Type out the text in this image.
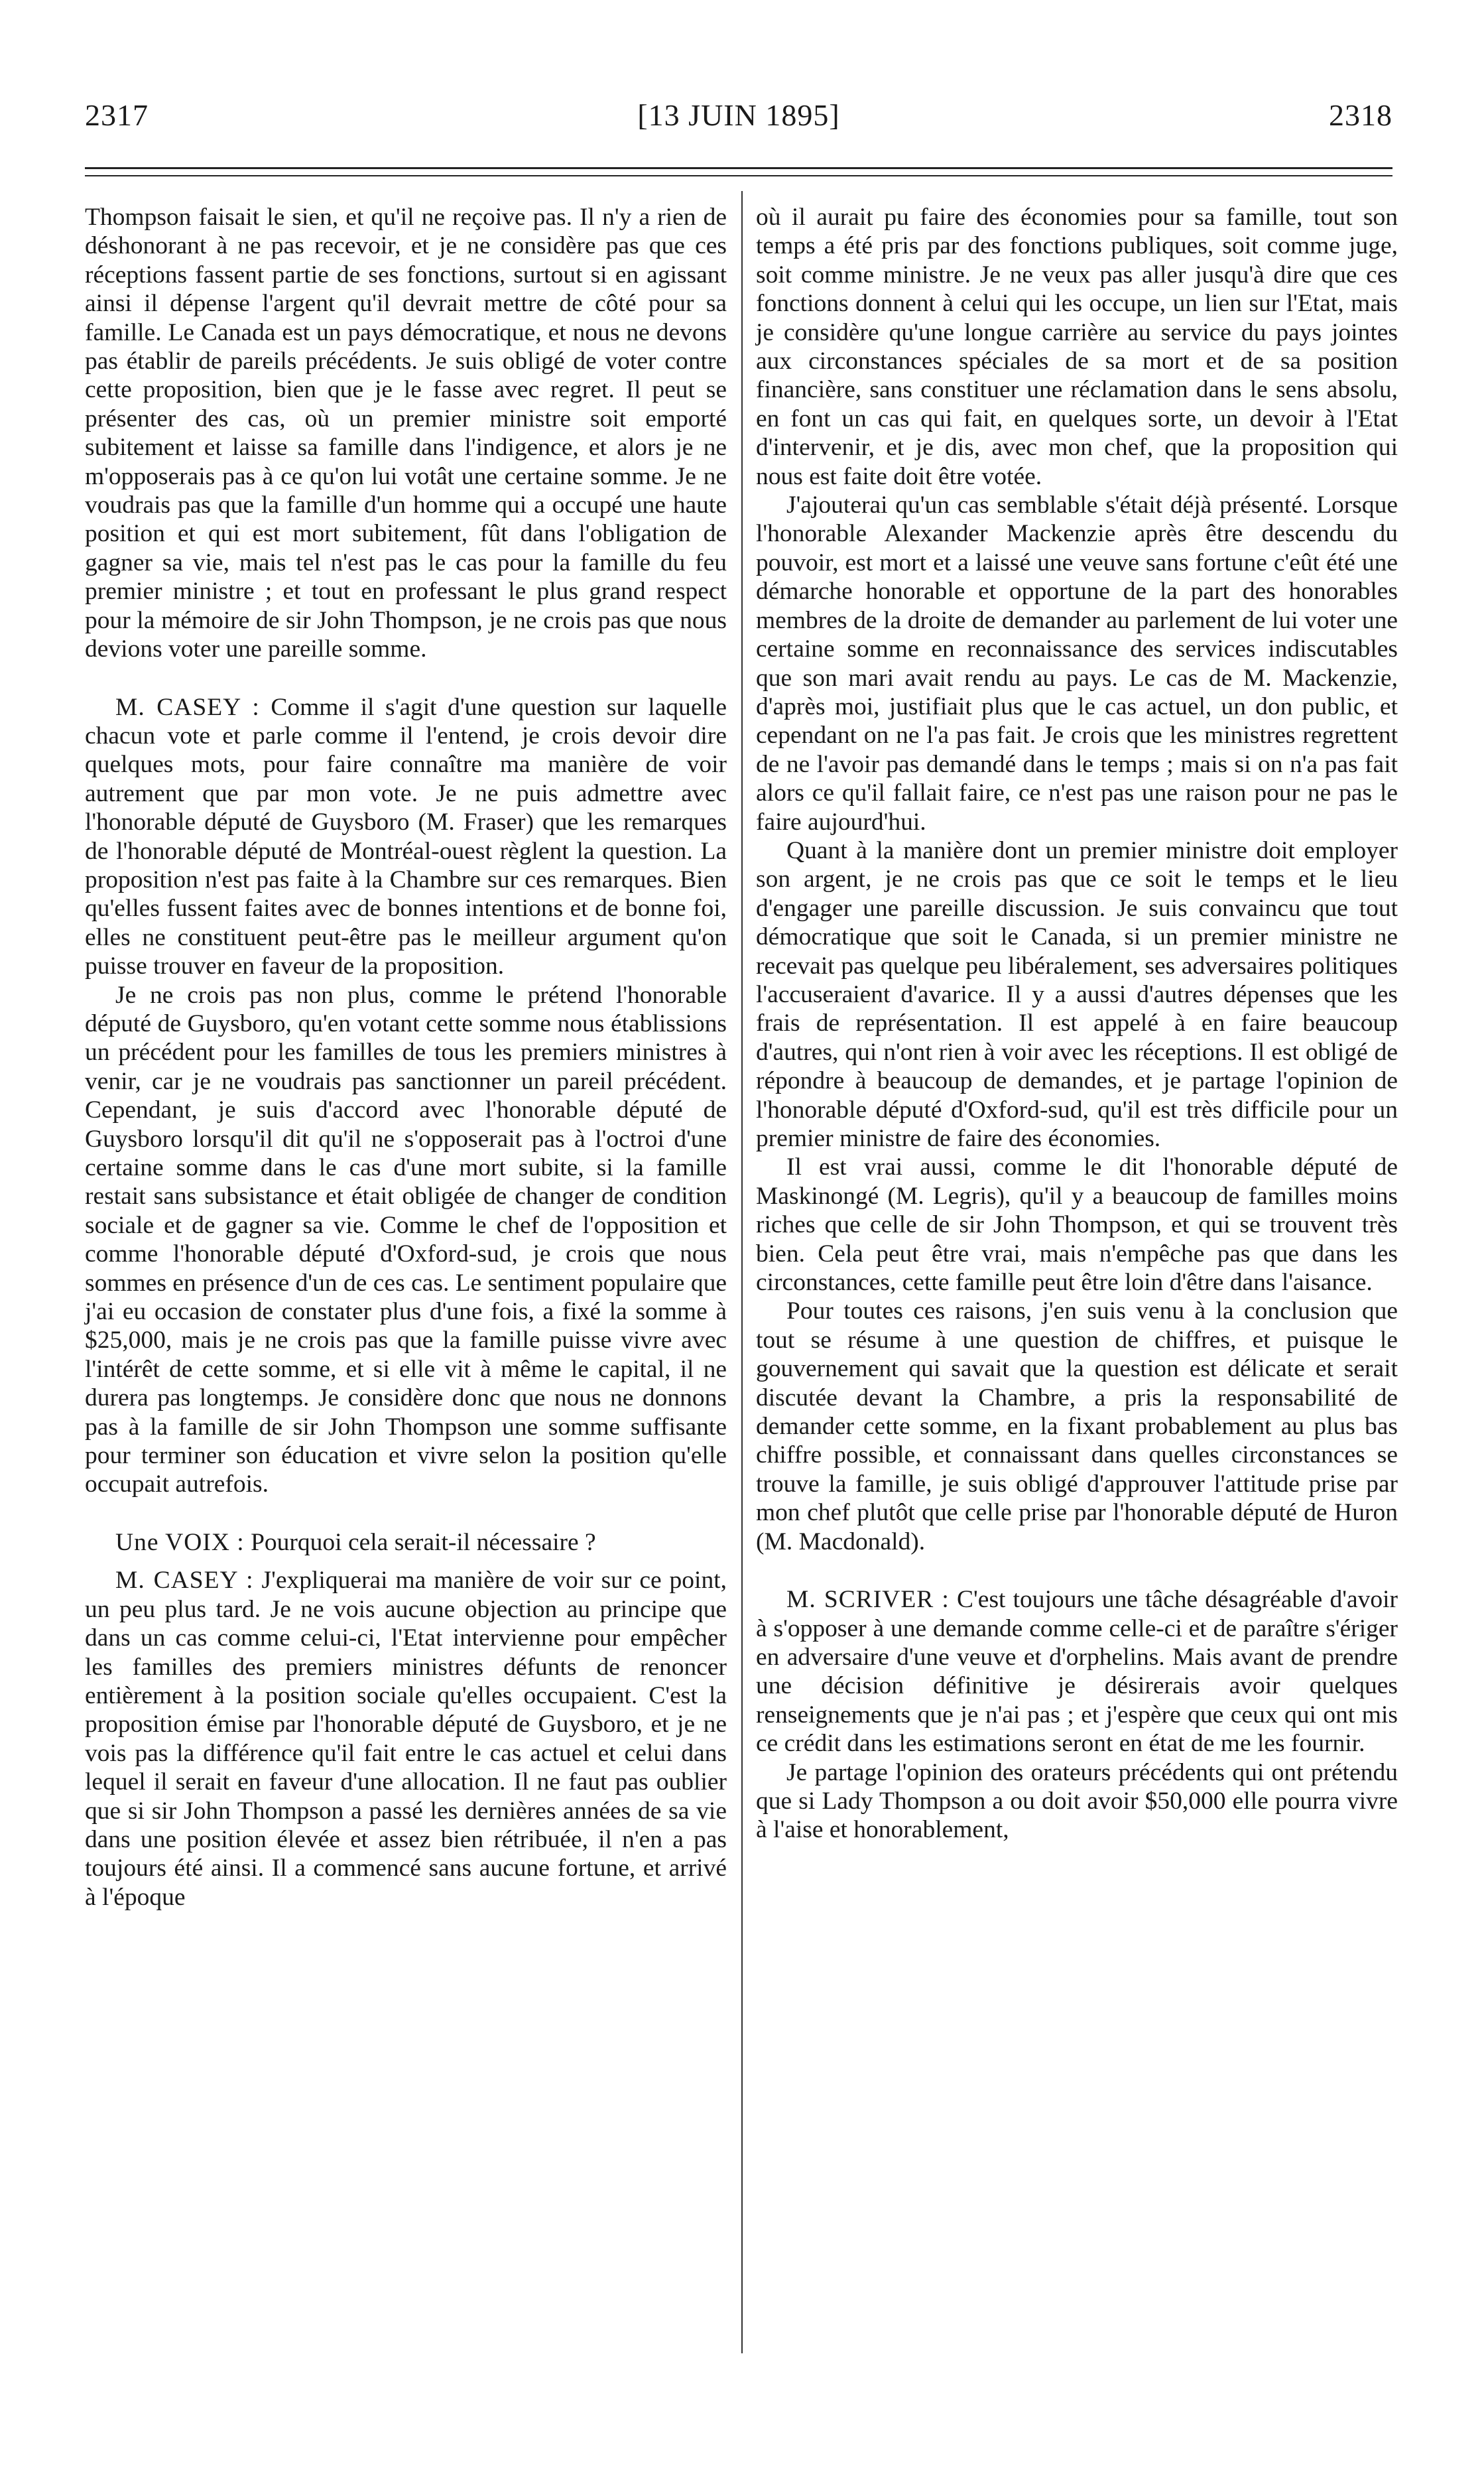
2317	[13 JUIN 1895]	2318

Thompson faisait le sien, et qu'il ne reçoive pas. Il n'y a rien de déshonorant à ne pas recevoir, et je ne considère pas que ces réceptions fassent partie de ses fonctions, surtout si en agissant ainsi il dépense l'argent qu'il devrait mettre de côté pour sa famille. Le Canada est un pays démocratique, et nous ne devons pas établir de pareils précédents. Je suis obligé de voter contre cette proposition, bien que je le fasse avec regret. Il peut se présenter des cas, où un premier ministre soit emporté subitement et laisse sa famille dans l'indigence, et alors je ne m'opposerais pas à ce qu'on lui votât une certaine somme. Je ne voudrais pas que la famille d'un homme qui a occupé une haute position et qui est mort subitement, fût dans l'obligation de gagner sa vie, mais tel n'est pas le cas pour la famille du feu premier ministre ; et tout en professant le plus grand respect pour la mémoire de sir John Thompson, je ne crois pas que nous devions voter une pareille somme.

M. CASEY : Comme il s'agit d'une question sur laquelle chacun vote et parle comme il l'entend, je crois devoir dire quelques mots, pour faire connaître ma manière de voir autrement que par mon vote. Je ne puis admettre avec l'honorable député de Guysboro (M. Fraser) que les remarques de l'honorable député de Montréal-ouest règlent la question. La proposition n'est pas faite à la Chambre sur ces remarques. Bien qu'elles fussent faites avec de bonnes intentions et de bonne foi, elles ne constituent peut-être pas le meilleur argument qu'on puisse trouver en faveur de la proposition.

Je ne crois pas non plus, comme le prétend l'honorable député de Guysboro, qu'en votant cette somme nous établissions un précédent pour les familles de tous les premiers ministres à venir, car je ne voudrais pas sanctionner un pareil précédent. Cependant, je suis d'accord avec l'honorable député de Guysboro lorsqu'il dit qu'il ne s'opposerait pas à l'octroi d'une certaine somme dans le cas d'une mort subite, si la famille restait sans subsistance et était obligée de changer de condition sociale et de gagner sa vie. Comme le chef de l'opposition et comme l'honorable député d'Oxford-sud, je crois que nous sommes en présence d'un de ces cas. Le sentiment populaire que j'ai eu occasion de constater plus d'une fois, a fixé la somme à $25,000, mais je ne crois pas que la famille puisse vivre avec l'intérêt de cette somme, et si elle vit à même le capital, il ne durera pas longtemps. Je considère donc que nous ne donnons pas à la famille de sir John Thompson une somme suffisante pour terminer son éducation et vivre selon la position qu'elle occupait autrefois.

Une VOIX : Pourquoi cela serait-il nécessaire ?

M. CASEY : J'expliquerai ma manière de voir sur ce point, un peu plus tard. Je ne vois aucune objection au principe que dans un cas comme celui-ci, l'Etat intervienne pour empêcher les familles des premiers ministres défunts de renoncer entièrement à la position sociale qu'elles occupaient. C'est la proposition émise par l'honorable député de Guysboro, et je ne vois pas la différence qu'il fait entre le cas actuel et celui dans lequel il serait en faveur d'une allocation. Il ne faut pas oublier que si sir John Thompson a passé les dernières années de sa vie dans une position élevée et assez bien rétribuée, il n'en a pas toujours été ainsi. Il a commencé sans aucune fortune, et arrivé à l'époque

où il aurait pu faire des économies pour sa famille, tout son temps a été pris par des fonctions publiques, soit comme juge, soit comme ministre. Je ne veux pas aller jusqu'à dire que ces fonctions donnent à celui qui les occupe, un lien sur l'Etat, mais je considère qu'une longue carrière au service du pays jointes aux circonstances spéciales de sa mort et de sa position financière, sans constituer une réclamation dans le sens absolu, en font un cas qui fait, en quelques sorte, un devoir à l'Etat d'intervenir, et je dis, avec mon chef, que la proposition qui nous est faite doit être votée.

J'ajouterai qu'un cas semblable s'était déjà présenté. Lorsque l'honorable Alexander Mackenzie après être descendu du pouvoir, est mort et a laissé une veuve sans fortune c'eût été une démarche honorable et opportune de la part des honorables membres de la droite de demander au parlement de lui voter une certaine somme en reconnaissance des services indiscutables que son mari avait rendu au pays. Le cas de M. Mackenzie, d'après moi, justifiait plus que le cas actuel, un don public, et cependant on ne l'a pas fait. Je crois que les ministres regrettent de ne l'avoir pas demandé dans le temps ; mais si on n'a pas fait alors ce qu'il fallait faire, ce n'est pas une raison pour ne pas le faire aujourd'hui.

Quant à la manière dont un premier ministre doit employer son argent, je ne crois pas que ce soit le temps et le lieu d'engager une pareille discussion. Je suis convaincu que tout démocratique que soit le Canada, si un premier ministre ne recevait pas quelque peu libéralement, ses adversaires politiques l'accuseraient d'avarice. Il y a aussi d'autres dépenses que les frais de représentation. Il est appelé à en faire beaucoup d'autres, qui n'ont rien à voir avec les réceptions. Il est obligé de répondre à beaucoup de demandes, et je partage l'opinion de l'honorable député d'Oxford-sud, qu'il est très difficile pour un premier ministre de faire des économies.

Il est vrai aussi, comme le dit l'honorable député de Maskinongé (M. Legris), qu'il y a beaucoup de familles moins riches que celle de sir John Thompson, et qui se trouvent très bien. Cela peut être vrai, mais n'empêche pas que dans les circonstances, cette famille peut être loin d'être dans l'aisance.

Pour toutes ces raisons, j'en suis venu à la conclusion que tout se résume à une question de chiffres, et puisque le gouvernement qui savait que la question est délicate et serait discutée devant la Chambre, a pris la responsabilité de demander cette somme, en la fixant probablement au plus bas chiffre possible, et connaissant dans quelles circonstances se trouve la famille, je suis obligé d'approuver l'attitude prise par mon chef plutôt que celle prise par l'honorable député de Huron (M. Macdonald).

M. SCRIVER : C'est toujours une tâche désagréable d'avoir à s'opposer à une demande comme celle-ci et de paraître s'ériger en adversaire d'une veuve et d'orphelins. Mais avant de prendre une décision définitive je désirerais avoir quelques renseignements que je n'ai pas ; et j'espère que ceux qui ont mis ce crédit dans les estimations seront en état de me les fournir.

Je partage l'opinion des orateurs précédents qui ont prétendu que si Lady Thompson a ou doit avoir $50,000 elle pourra vivre à l'aise et honorablement,
